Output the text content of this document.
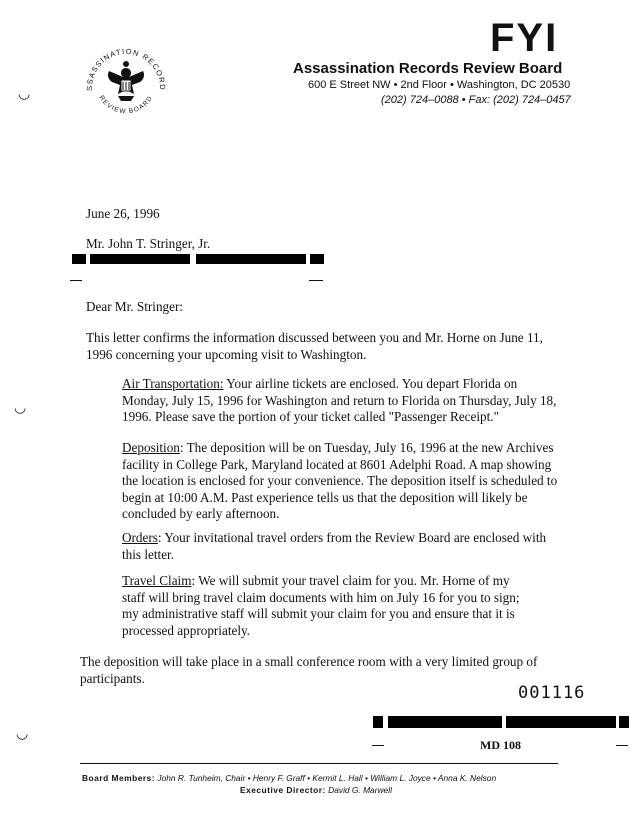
SSASSINATION RECORD
REVIEW BOARD
FYI
Assassination Records Review Board
600 E Street NW • 2nd Floor • Washington, DC 20530
(202) 724–0088 • Fax: (202) 724–0457
◡
◡
◡
June 26, 1996
Mr. John T. Stringer, Jr.
Dear Mr. Stringer:
This letter confirms the information discussed between you and Mr. Horne on June 11, 1996 concerning your upcoming visit to Washington.
Air Transportation: Your airline tickets are enclosed. You depart Florida on Monday, July 15, 1996 for Washington and return to Florida on Thursday, July 18, 1996. Please save the portion of your ticket called "Passenger Receipt."
Deposition: The deposition will be on Tuesday, July 16, 1996 at the new Archives facility in College Park, Maryland located at 8601 Adelphi Road. A map showing the location is enclosed for your convenience. The deposition itself is scheduled to begin at 10:00 A.M. Past experience tells us that the deposition will likely be concluded by early afternoon.
Orders: Your invitational travel orders from the Review Board are enclosed with this letter.
Travel Claim: We will submit your travel claim for you. Mr. Horne of my staff will bring travel claim documents with him on July 16 for you to sign; my administrative staff will submit your claim for you and ensure that it is processed appropriately.
The deposition will take place in a small conference room with a very limited group of participants.
001116
MD 108
Board Members: John R. Tunheim, Chair • Henry F. Graff • Kermit L. Hall • William L. Joyce • Anna K. Nelson
Executive Director: David G. Marwell
